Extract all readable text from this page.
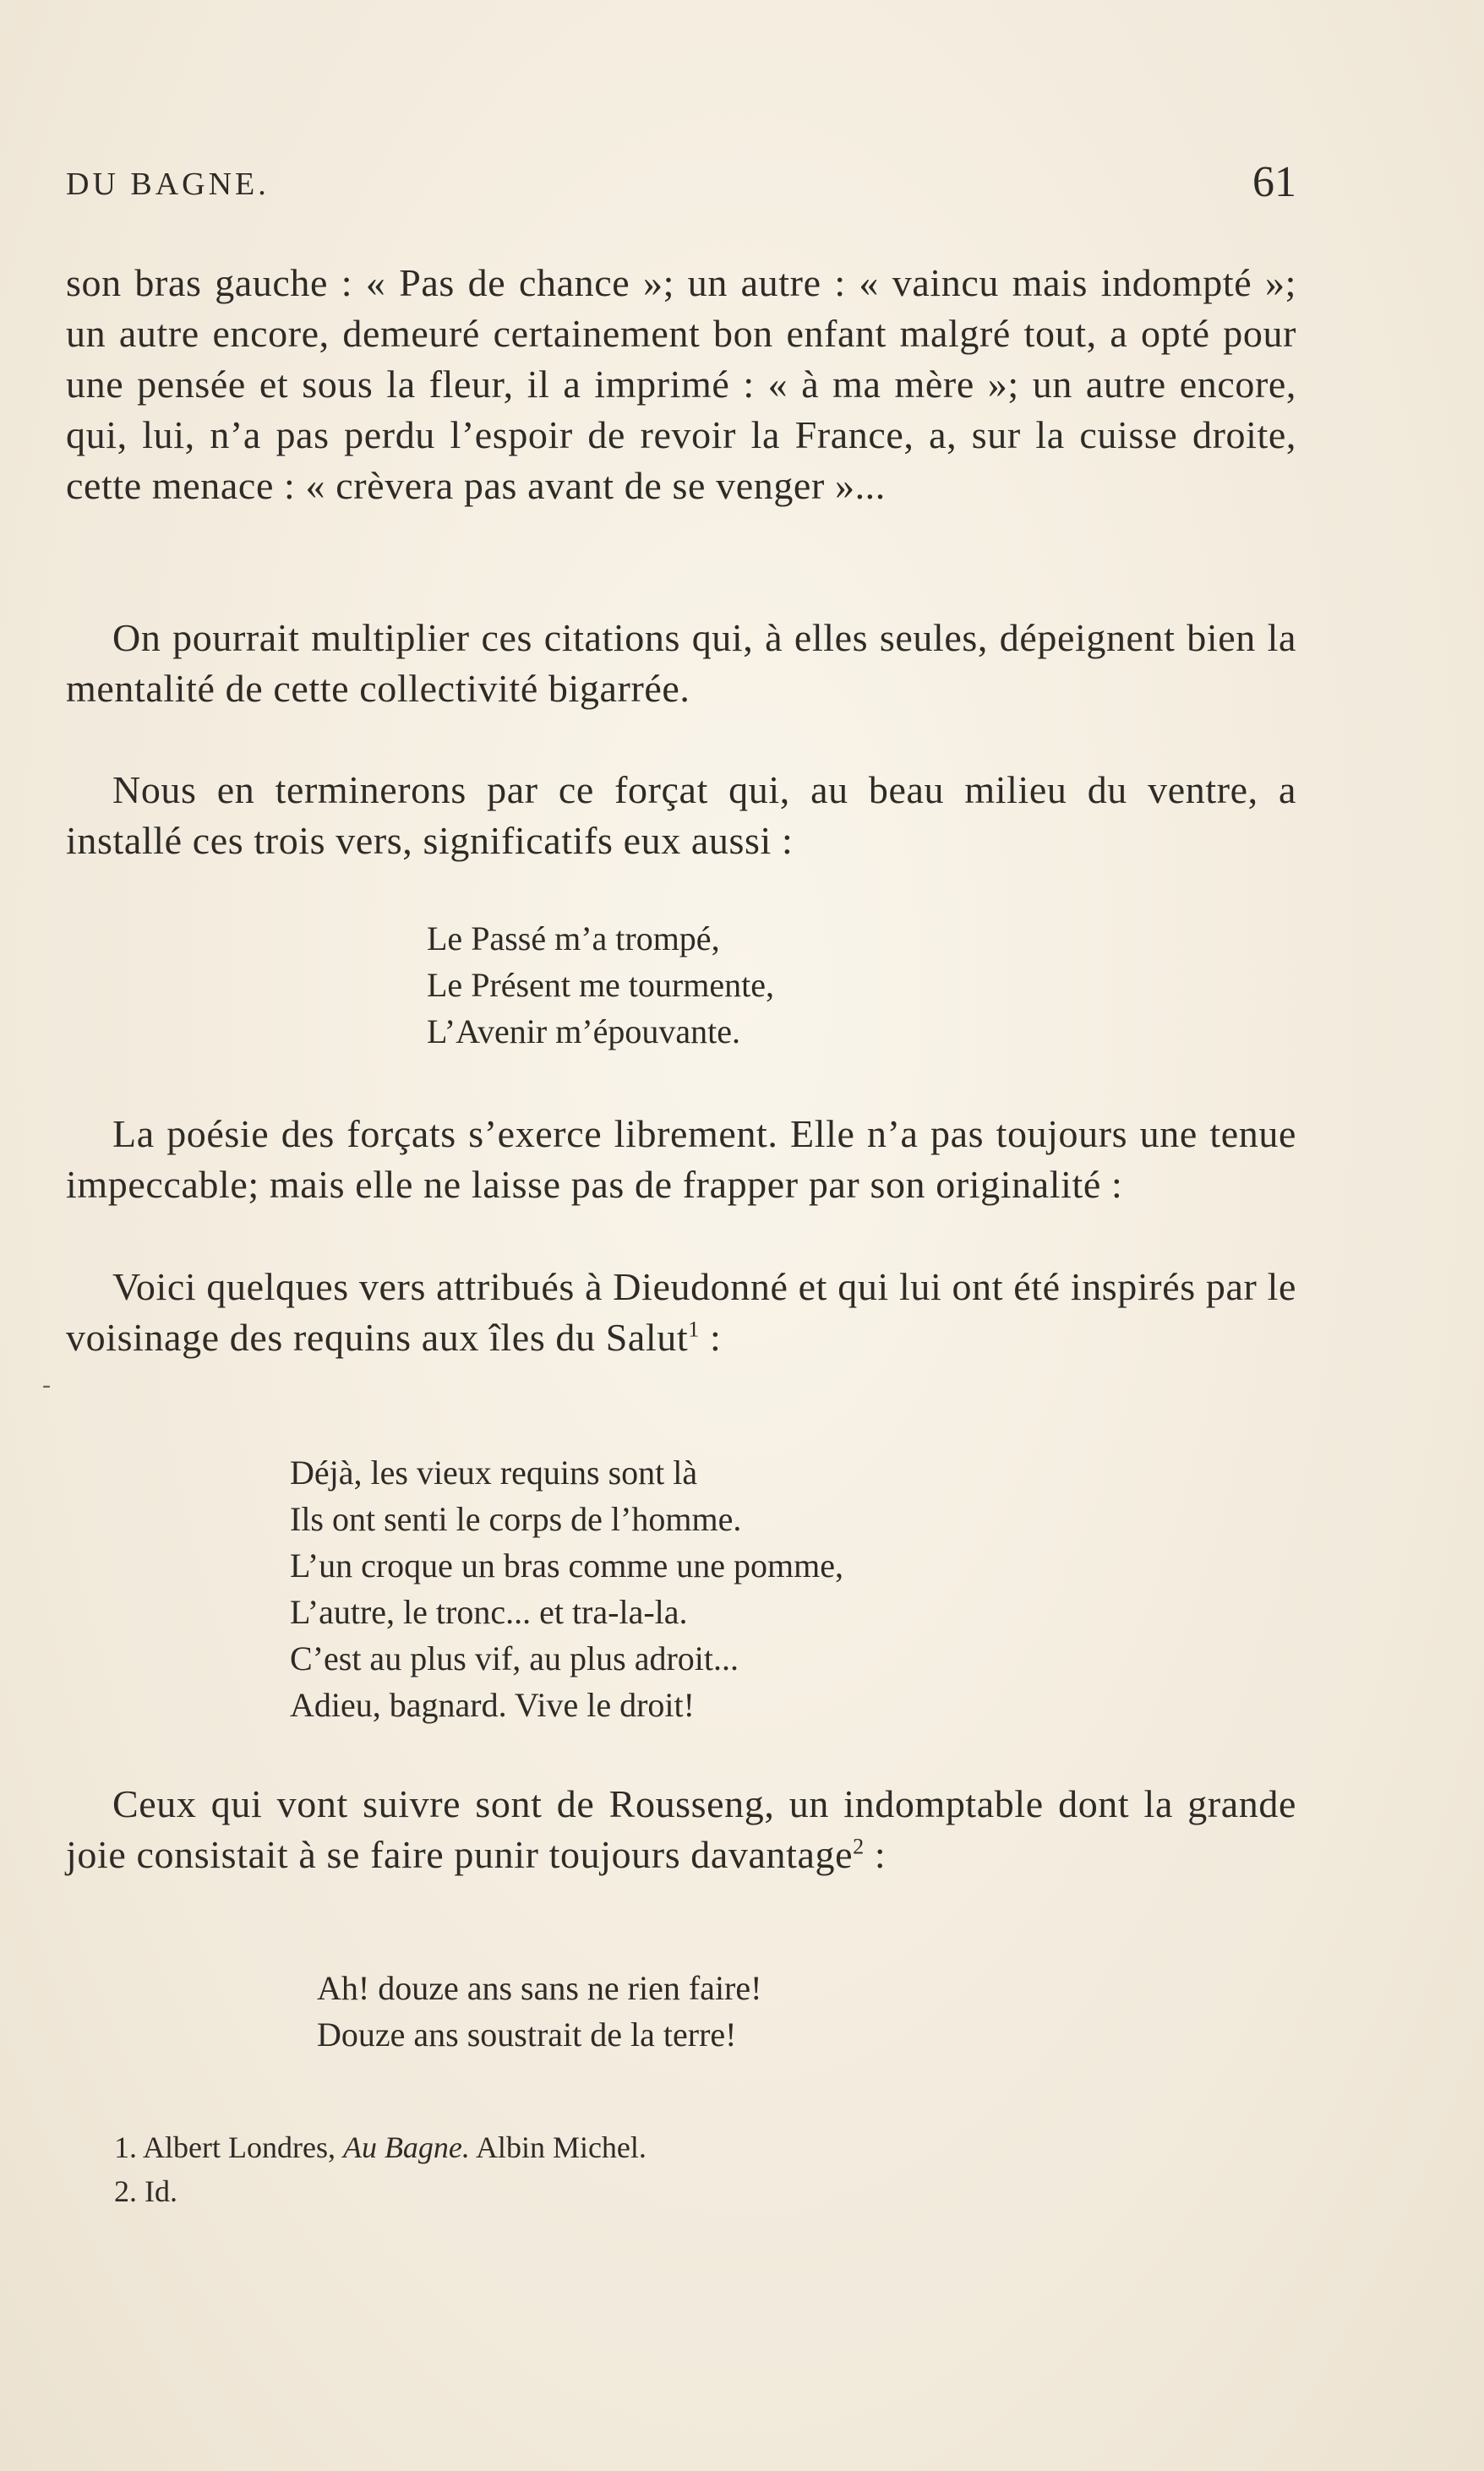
DU BAGNE.	61

son bras gauche : « Pas de chance »; un autre : « vaincu mais indompté »; un autre encore, demeuré certainement bon enfant malgré tout, a opté pour une pensée et sous la fleur, il a imprimé : « à ma mère »; un autre encore, qui, lui, n’a pas perdu l’espoir de revoir la France, a, sur la cuisse droite, cette menace : « crèvera pas avant de se venger »...

On pourrait multiplier ces citations qui, à elles seules, dépeignent bien la mentalité de cette collectivité bigarrée.

Nous en terminerons par ce forçat qui, au beau milieu du ventre, a installé ces trois vers, significatifs eux aussi :

Le Passé m’a trompé,
Le Présent me tourmente,
L’Avenir m’épouvante.

La poésie des forçats s’exerce librement. Elle n’a pas toujours une tenue impeccable; mais elle ne laisse pas de frapper par son originalité :

Voici quelques vers attribués à Dieudonné et qui lui ont été inspirés par le voisinage des requins aux îles du Salut$^1$ :

-
Déjà, les vieux requins sont là
Ils ont senti le corps de l’homme.
L’un croque un bras comme une pomme,
L’autre, le tronc... et tra-la-la.
C’est au plus vif, au plus adroit...
Adieu, bagnard. Vive le droit!

Ceux qui vont suivre sont de Rousseng, un indomptable dont la grande joie consistait à se faire punir toujours davantage$^2$ :

Ah! douze ans sans ne rien faire!
Douze ans soustrait de la terre!
1. Albert Londres, Au Bagne. Albin Michel.
2. Id.
